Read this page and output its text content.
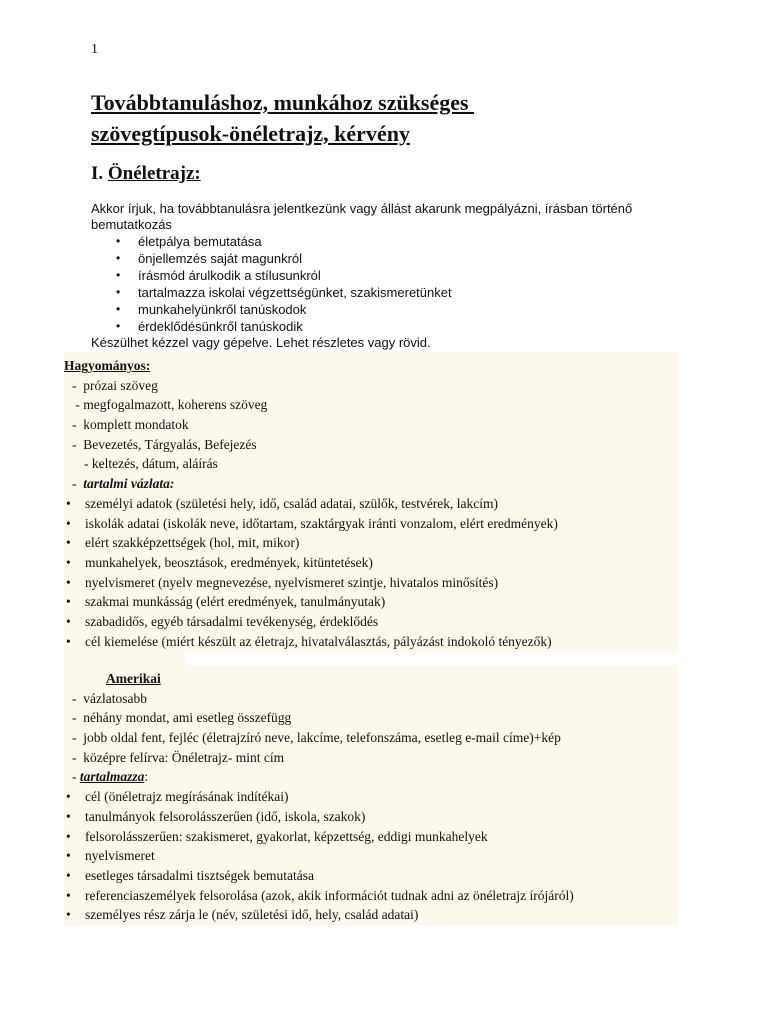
1
Továbbtanuláshoz, munkához szükséges
szövegtípusok-önéletrajz, kérvény
I. Önéletrajz:
Akkor írjuk, ha továbbtanulásra jelentkezünk vagy állást akarunk megpályázni, írásban történő bemutatkozás
• életpálya bemutatása
• önjellemzés saját magunkról
• írásmód árulkodik a stílusunkról
• tartalmazza iskolai végzettségünket, szakismeretünket
• munkahelyünkről tanúskodok
• érdeklődésünkről tanúskodik
Készülhet kézzel vagy gépelve. Lehet részletes vagy rövid.
Hagyományos:
-  prózai szöveg
- megfogalmazott, koherens szöveg
-  komplett mondatok
-  Bevezetés, Tárgyalás, Befejezés
- keltezés, dátum, aláírás
-  tartalmi vázlata:
• személyi adatok (születési hely, idő, család adatai, szülők, testvérek, lakcím)
• iskolák adatai (iskolák neve, időtartam, szaktárgyak iránti vonzalom, elért eredmények)
• elért szakképzettségek (hol, mit, mikor)
• munkahelyek, beosztások, eredmények, kitüntetések)
• nyelvismeret (nyelv megnevezése, nyelvismeret szintje, hivatalos minősítés)
• szakmai munkásság (elért eredmények, tanulmányutak)
• szabadidős, egyéb társadalmi tevékenység, érdeklődés
• cél kiemelése (miért készült az életrajz, hivatalválasztás, pályázást indokoló tényezők)
Amerikai
-  vázlatosabb
-  néhány mondat, ami esetleg összefügg
-  jobb oldal fent, fejléc (életrajzíró neve, lakcíme, telefonszáma, esetleg e-mail címe)+kép
-  középre felírva: Önéletrajz- mint cím
- tartalmazza:
• cél (önéletrajz megírásának indítékai)
• tanulmányok felsorolásszerűen (idő, iskola, szakok)
• felsorolásszerűen: szakismeret, gyakorlat, képzettség, eddigi munkahelyek
• nyelvismeret
• esetleges társadalmi tisztségek bemutatása
• referenciaszemélyek felsorolása (azok, akik információt tudnak adni az önéletrajz írójáról)
• személyes rész zárja le (név, születési idő, hely, család adatai)
